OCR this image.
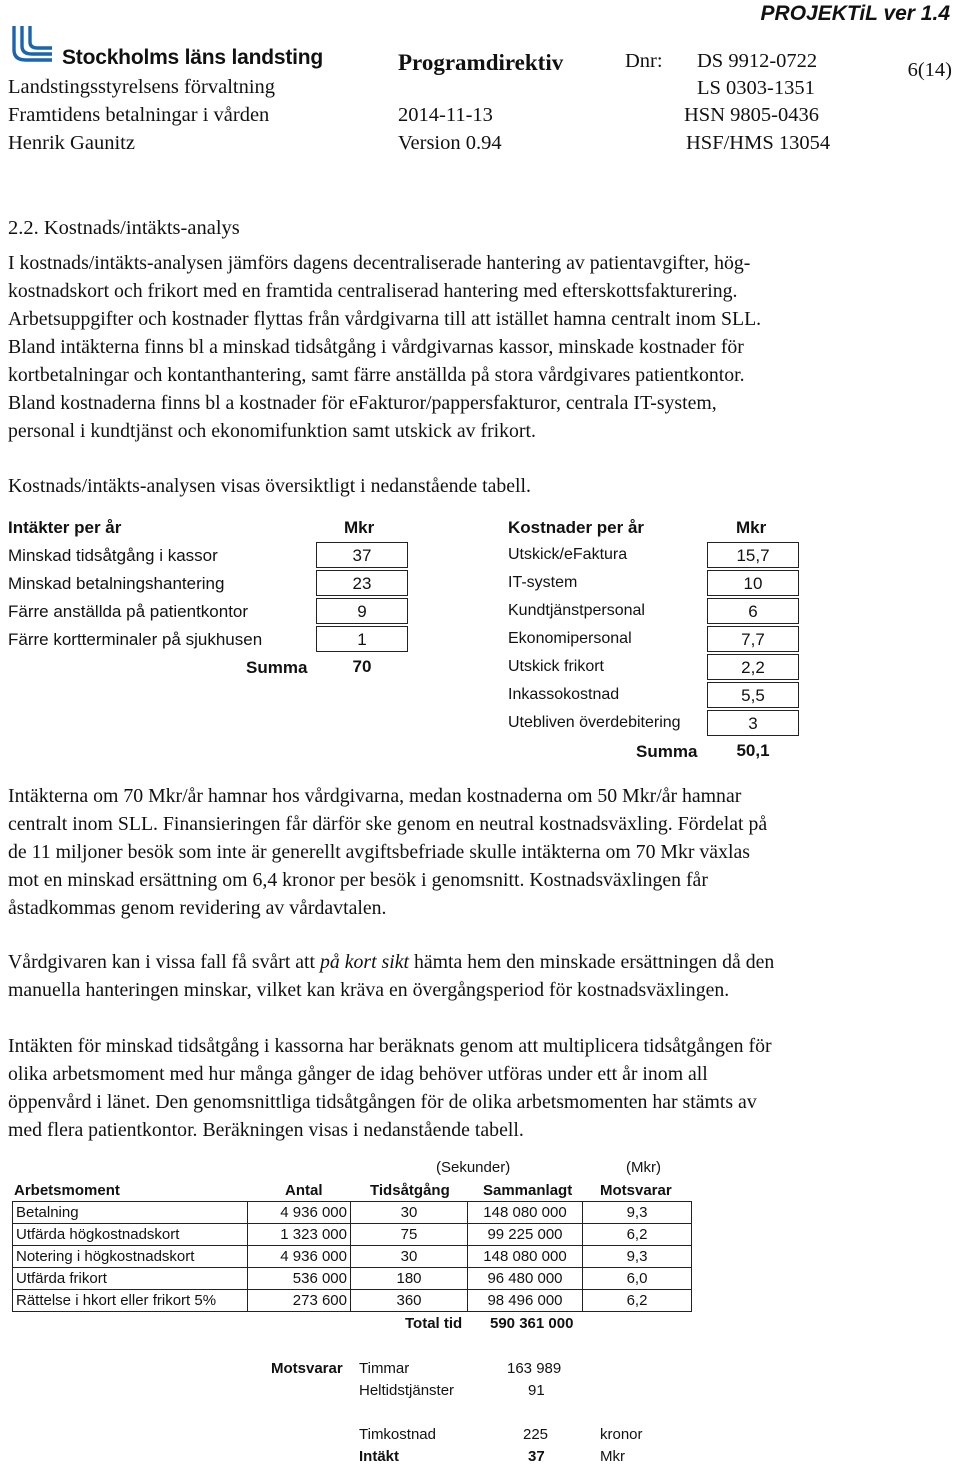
PROJEKTiL ver 1.4
Stockholms läns landsting
Landstingsstyrelsens förvaltning
Framtidens betalningar i vården
Henrik Gaunitz
Programdirektiv
2014-11-13
Version 0.94
Dnr: DS 9912-0722
LS 0303-1351
HSN 9805-0436
HSF/HMS 13054
6(14)
2.2. Kostnads/intäkts-analys
I kostnads/intäkts-analysen jämförs dagens decentraliserade hantering av patientavgifter, hög-
kostnadskort och frikort med en framtida centraliserad hantering med efterskottsfakturering.
Arbetsuppgifter och kostnader flyttas från vårdgivarna till att istället hamna centralt inom SLL.
Bland intäkterna finns bl a minskad tidsåtgång i vårdgivarnas kassor, minskade kostnader för
kortbetalningar och kontanthantering, samt färre anställda på stora vårdgivares patientkontor.
Bland kostnaderna finns bl a kostnader för eFakturor/pappersfakturor, centrala IT-system,
personal i kundtjänst och ekonomifunktion samt utskick av frikort.
Kostnads/intäkts-analysen visas översiktligt i nedanstående tabell.
Intäkter per år	Mkr
Minskad tidsåtgång i kassor	37
Minskad betalningshantering	23
Färre anställda på patientkontor	9
Färre kortterminaler på sjukhusen	1
Summa	70
Kostnader per år	Mkr
Utskick/eFaktura	15,7
IT-system	10
Kundtjänstpersonal	6
Ekonomipersonal	7,7
Utskick frikort	2,2
Inkassokostnad	5,5
Utebliven överdebitering	3
Summa	50,1
Intäkterna om 70 Mkr/år hamnar hos vårdgivarna, medan kostnaderna om 50 Mkr/år hamnar
centralt inom SLL. Finansieringen får därför ske genom en neutral kostnadsväxling. Fördelat på
de 11 miljoner besök som inte är generellt avgiftsbefriade skulle intäkterna om 70 Mkr växlas
mot en minskad ersättning om 6,4 kronor per besök i genomsnitt. Kostnadsväxlingen får
åstadkommas genom revidering av vårdavtalen.
Vårdgivaren kan i vissa fall få svårt att på kort sikt hämta hem den minskade ersättningen då den
manuella hanteringen minskar, vilket kan kräva en övergångsperiod för kostnadsväxlingen.
Intäkten för minskad tidsåtgång i kassorna har beräknats genom att multiplicera tidsåtgången för
olika arbetsmoment med hur många gånger de idag behöver utföras under ett år inom all
öppenvård i länet. Den genomsnittliga tidsåtgången för de olika arbetsmomenten har stämts av
med flera patientkontor. Beräkningen visas i nedanstående tabell.
(Sekunder)	(Mkr)
Arbetsmoment	Antal	Tidsåtgång Sammanlagt Motsvarar
Betalning	4 936 000	30	148 080 000	9,3
Utfärda högkostnadskort	1 323 000	75	99 225 000	6,2
Notering i högkostnadskort	4 936 000	30	148 080 000	9,3
Utfärda frikort	536 000	180	96 480 000	6,0
Rättelse i hkort eller frikort 5%	273 600	360	98 496 000	6,2
Total tid 590 361 000
Motsvarar Timmar	163 989
Heltidstjänster	91
Timkostnad	225	kronor
Intäkt	37	Mkr
